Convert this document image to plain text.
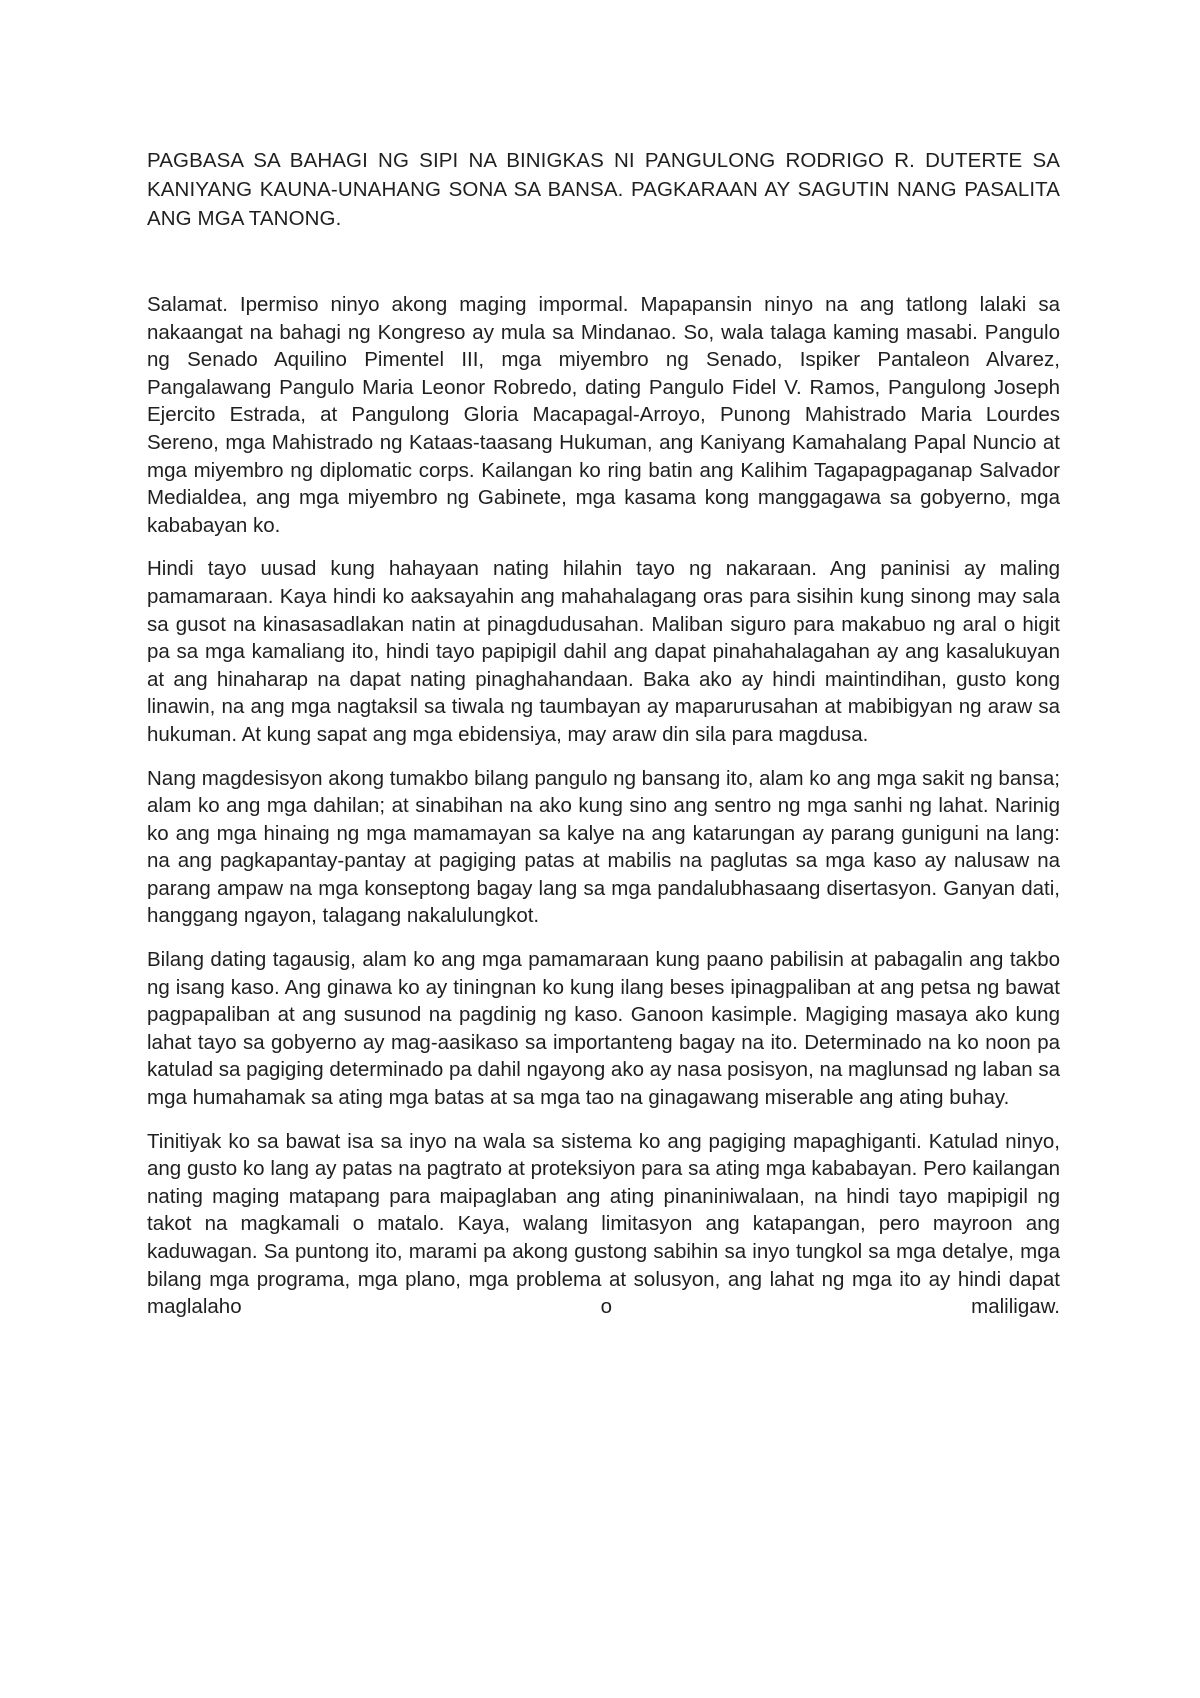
PAGBASA SA BAHAGI NG SIPI NA BINIGKAS NI PANGULONG RODRIGO R. DUTERTE SA KANIYANG KAUNA-UNAHANG SONA SA BANSA. PAGKARAAN AY SAGUTIN NANG PASALITA ANG MGA TANONG.

Salamat. Ipermiso ninyo akong maging impormal. Mapapansin ninyo na ang tatlong lalaki sa nakaangat na bahagi ng Kongreso ay mula sa Mindanao. So, wala talaga kaming masabi. Pangulo ng Senado Aquilino Pimentel III, mga miyembro ng Senado, Ispiker Pantaleon Alvarez, Pangalawang Pangulo Maria Leonor Robredo, dating Pangulo Fidel V. Ramos, Pangulong Joseph Ejercito Estrada, at Pangulong Gloria Macapagal-Arroyo, Punong Mahistrado Maria Lourdes Sereno, mga Mahistrado ng Kataas-taasang Hukuman, ang Kaniyang Kamahalang Papal Nuncio at mga miyembro ng diplomatic corps. Kailangan ko ring batin ang Kalihim Tagapagpaganap Salvador Medialdea, ang mga miyembro ng Gabinete, mga kasama kong manggagawa sa gobyerno, mga kababayan ko.

Hindi tayo uusad kung hahayaan nating hilahin tayo ng nakaraan. Ang paninisi ay maling pamamaraan. Kaya hindi ko aaksayahin ang mahahalagang oras para sisihin kung sinong may sala sa gusot na kinasasadlakan natin at pinagdudusahan. Maliban siguro para makabuo ng aral o higit pa sa mga kamaliang ito, hindi tayo papipigil dahil ang dapat pinahahalagahan ay ang kasalukuyan at ang hinaharap na dapat nating pinaghahandaan. Baka ako ay hindi maintindihan, gusto kong linawin, na ang mga nagtaksil sa tiwala ng taumbayan ay maparurusahan at mabibigyan ng araw sa hukuman. At kung sapat ang mga ebidensiya, may araw din sila para magdusa.

Nang magdesisyon akong tumakbo bilang pangulo ng bansang ito, alam ko ang mga sakit ng bansa; alam ko ang mga dahilan; at sinabihan na ako kung sino ang sentro ng mga sanhi ng lahat. Narinig ko ang mga hinaing ng mga mamamayan sa kalye na ang katarungan ay parang guniguni na lang: na ang pagkapantay-pantay at pagiging patas at mabilis na paglutas sa mga kaso ay nalusaw na parang ampaw na mga konseptong bagay lang sa mga pandalubhasaang disertasyon. Ganyan dati, hanggang ngayon, talagang nakalulungkot.

Bilang dating tagausig, alam ko ang mga pamamaraan kung paano pabilisin at pabagalin ang takbo ng isang kaso. Ang ginawa ko ay tiningnan ko kung ilang beses ipinagpaliban at ang petsa ng bawat pagpapaliban at ang susunod na pagdinig ng kaso. Ganoon kasimple. Magiging masaya ako kung lahat tayo sa gobyerno ay mag-aasikaso sa importanteng bagay na ito. Determinado na ko noon pa katulad sa pagiging determinado pa dahil ngayong ako ay nasa posisyon, na maglunsad ng laban sa mga humahamak sa ating mga batas at sa mga tao na ginagawang miserable ang ating buhay.

Tinitiyak ko sa bawat isa sa inyo na wala sa sistema ko ang pagiging mapaghiganti. Katulad ninyo, ang gusto ko lang ay patas na pagtrato at proteksiyon para sa ating mga kababayan. Pero kailangan nating maging matapang para maipaglaban ang ating pinaniniwalaan, na hindi tayo mapipigil ng takot na magkamali o matalo. Kaya, walang limitasyon ang katapangan, pero mayroon ang kaduwagan. Sa puntong ito, marami pa akong gustong sabihin sa inyo tungkol sa mga detalye, mga bilang mga programa, mga plano, mga problema at solusyon, ang lahat ng mga ito ay hindi dapat maglalaho o maliligaw.
